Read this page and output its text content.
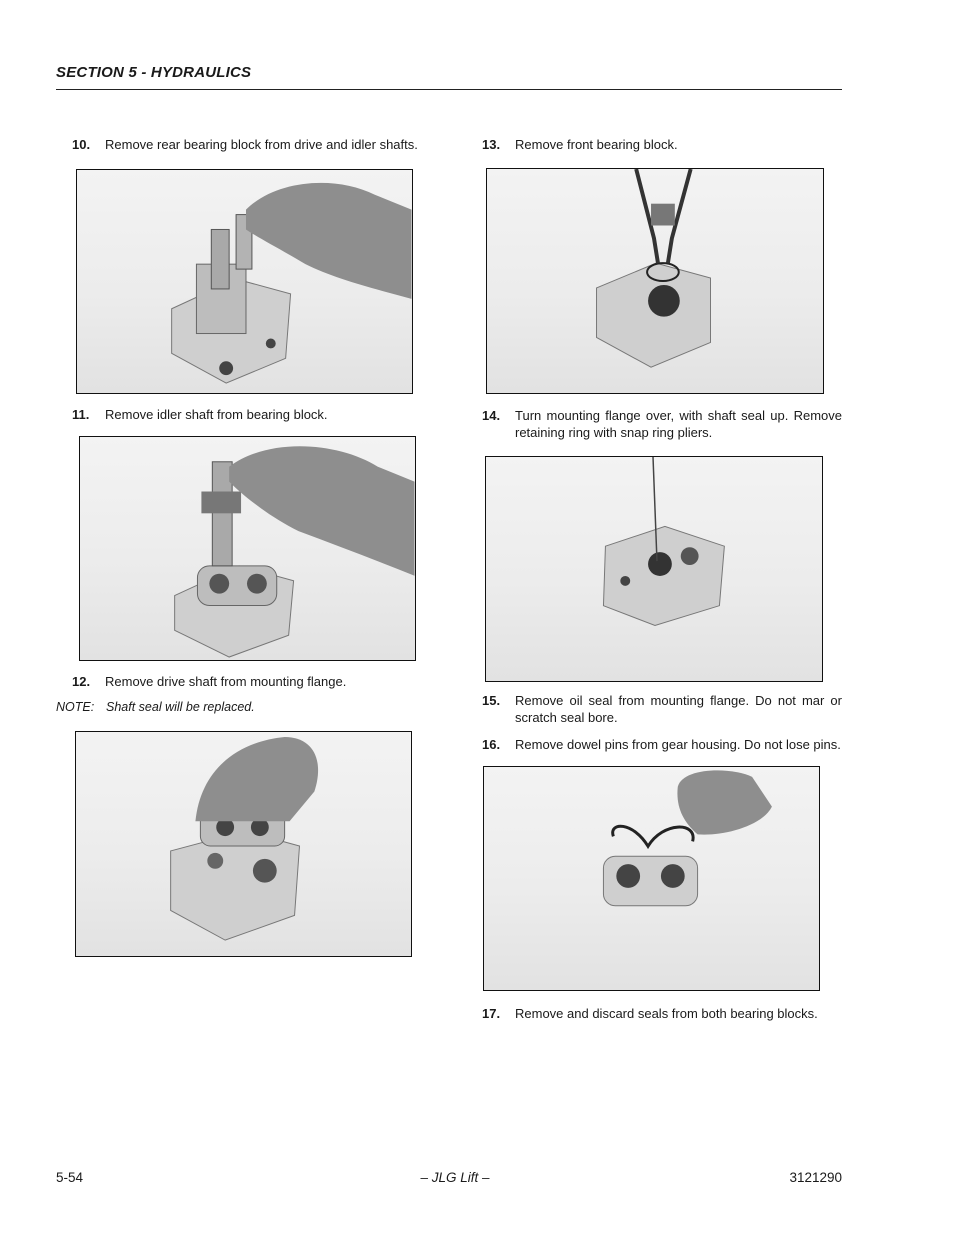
SECTION 5 - HYDRAULICS
10.	Remove rear bearing block from drive and idler shafts.
11.	Remove idler shaft from bearing block.
12.	Remove drive shaft from mounting flange.
NOTE: Shaft seal will be replaced.
13.	Remove front bearing block.
14.	Turn mounting flange over, with shaft seal up. Remove retaining ring with snap ring pliers.
15.	Remove oil seal from mounting flange. Do not mar or scratch seal bore.
16.	Remove dowel pins from gear housing. Do not lose pins.
17.	Remove and discard seals from both bearing blocks.
5-54	– JLG Lift –	3121290
